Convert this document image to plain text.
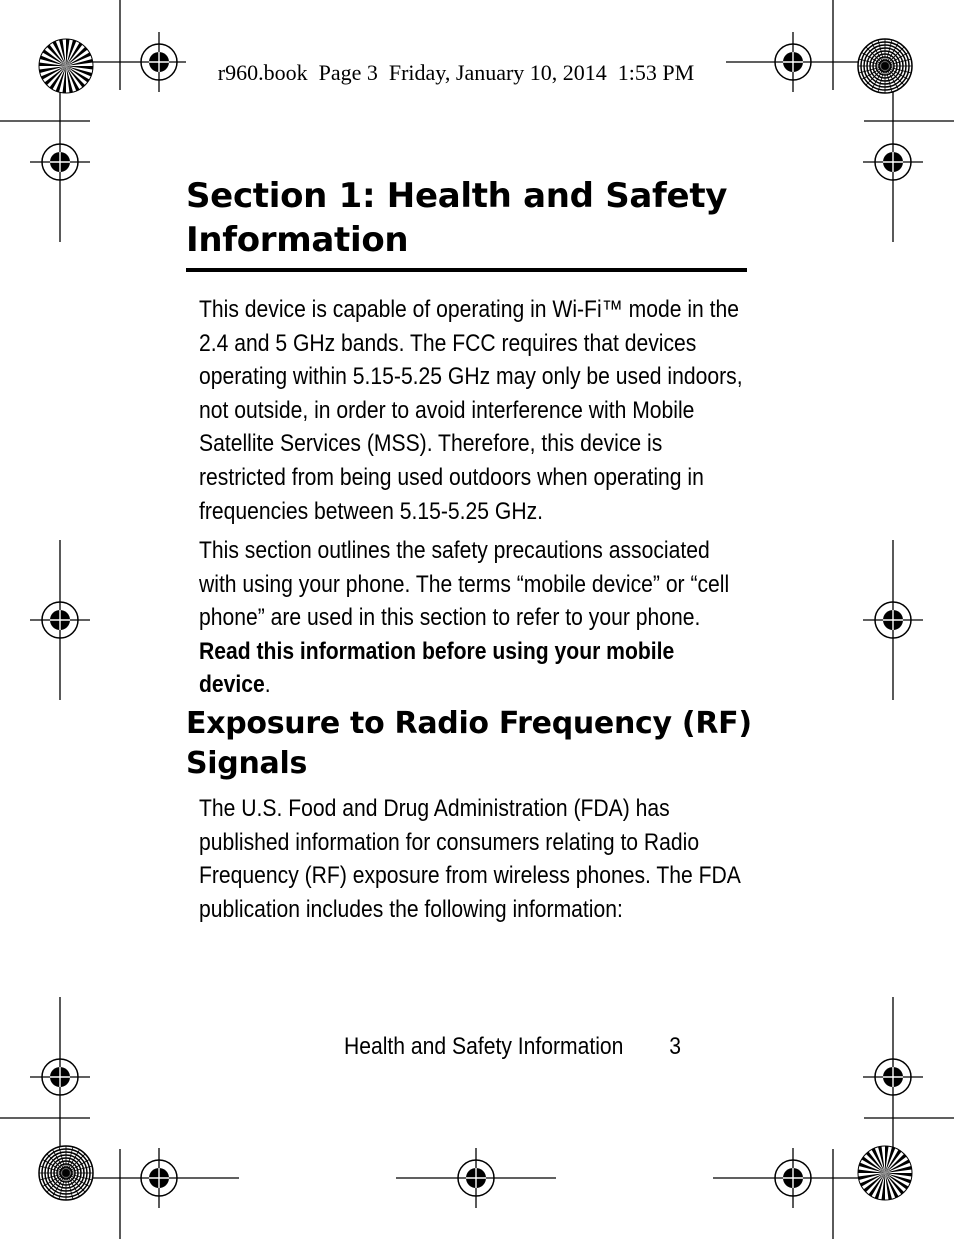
r960.book  Page 3  Friday, January 10, 2014  1:53 PM
Section 1: Health and Safety Information
This device is capable of operating in Wi-Fi™ mode in the 2.4 and 5 GHz bands. The FCC requires that devices operating within 5.15-5.25 GHz may only be used indoors, not outside, in order to avoid interference with Mobile Satellite Services (MSS). Therefore, this device is restricted from being used outdoors when operating in frequencies between 5.15-5.25 GHz.
This section outlines the safety precautions associated with using your phone. The terms “mobile device” or “cell phone” are used in this section to refer to your phone. Read this information before using your mobile device.
Exposure to Radio Frequency (RF) Signals
The U.S. Food and Drug Administration (FDA) has published information for consumers relating to Radio Frequency (RF) exposure from wireless phones. The FDA publication includes the following information:
Health and Safety Information 3
